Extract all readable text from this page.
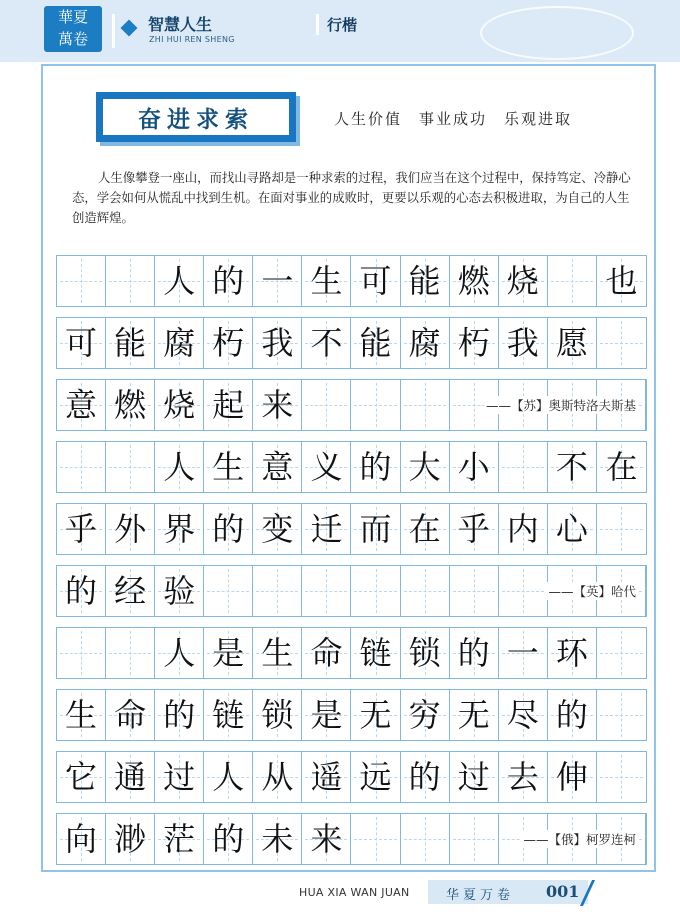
華夏
萬卷
智慧人生
ZHI HUI REN SHENG
行楷
奋进求索	人生价值　事业成功　乐观进取
人生像攀登一座山，而找山寻路却是一种求索的过程，我们应当在这个过程中，保持笃定、冷静心态，学会如何从慌乱中找到生机。在面对事业的成败时，更要以乐观的心态去积极进取，为自己的人生创造辉煌。
人 的 一 生 可 能 燃 烧 也
可 能 腐 朽 我 不 能 腐 朽 我 愿
意 燃 烧 起 来	——【苏】奥斯特洛夫斯基
人 生 意 义 的 大 小 不 在
乎 外 界 的 变 迁 而 在 乎 内 心
的 经 验	——【英】哈代
人 是 生 命 链 锁 的 一 环
生 命 的 链 锁 是 无 穷 无 尽 的
它 通 过 人 从 遥 远 的 过 去 伸
向 渺 茫 的 未 来	——【俄】柯罗连柯
HUA XIA WAN JUAN	华夏万卷 001
